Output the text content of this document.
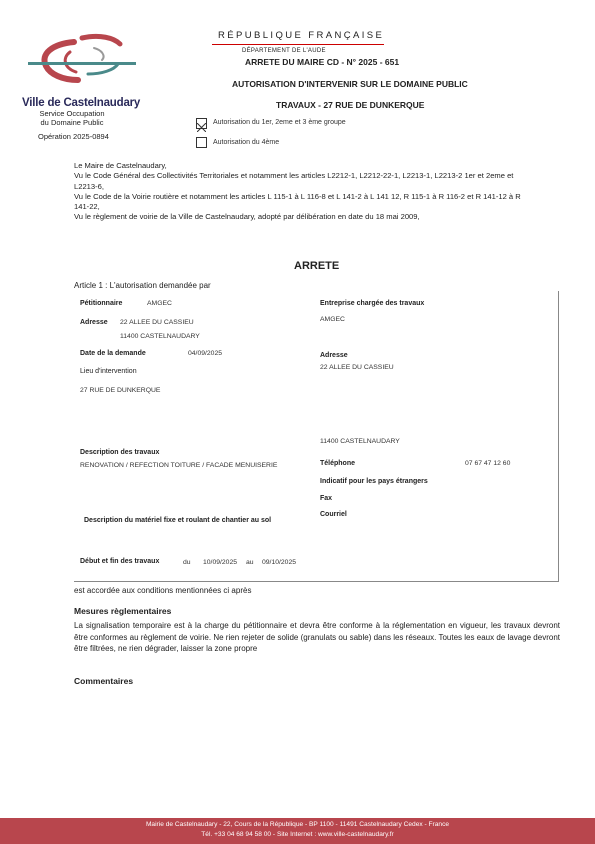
Ville de Castelnaudary
Service Occupation
du Domaine Public
Opération 2025-0894
RÉPUBLIQUE FRANÇAISE
DÉPARTEMENT DE L'AUDE
ARRETE DU MAIRE CD - N° 2025 - 651
AUTORISATION D'INTERVENIR SUR LE DOMAINE PUBLIC
TRAVAUX - 27 RUE DE DUNKERQUE
Autorisation du 1er, 2eme et 3 ème groupe
Autorisation du 4ème
Le Maire de Castelnaudary,
Vu le Code Général des Collectivités Territoriales et notamment les articles L2212-1, L2212-22-1, L2213-1, L2213-2 1er et 2eme et L2213-6,
Vu le Code de la Voirie routière et notamment les articles L 115-1 à L 116-8 et L 141-2 à L 141 12, R 115-1 à R 116-2 et R 141-12 à R 141-22,
Vu le règlement de voirie de la Ville de Castelnaudary, adopté par délibération en date du 18 mai 2009,
ARRETE
Article 1 : L'autorisation demandée par
Pétitionnaire	AMGEC
Adresse 22 ALLEE DU CASSIEU
11400 CASTELNAUDARY
Date de la demande	04/09/2025
Lieu d'intervention
27 RUE DE DUNKERQUE
Description des travaux
RENOVATION / REFECTION TOITURE / FACADE MENUISERIE
Description du matériel fixe et roulant de chantier au sol
Début et fin des travaux	du 10/09/2025 au 09/10/2025
Entreprise chargée des travaux
AMGEC
Adresse
22 ALLEE DU CASSIEU
11400 CASTELNAUDARY
Téléphone	07 67 47 12 60
Indicatif pour les pays étrangers
Fax
Courriel
est accordée aux conditions mentionnées ci après
Mesures règlementaires
La signalisation temporaire est à la charge du pétitionnaire et devra être conforme à la réglementation en vigueur, les travaux devront être conformes au règlement de voirie. Ne rien rejeter de solide (granulats ou sable) dans les réseaux. Toutes les eaux de lavage devront être filtrées, ne rien dégrader, laisser la zone propre
Commentaires
Mairie de Castelnaudary - 22, Cours de la République - BP 1100 - 11491 Castelnaudary Cedex - France
Tél. +33 04 68 94 58 00 - Site Internet : www.ville-castelnaudary.fr
